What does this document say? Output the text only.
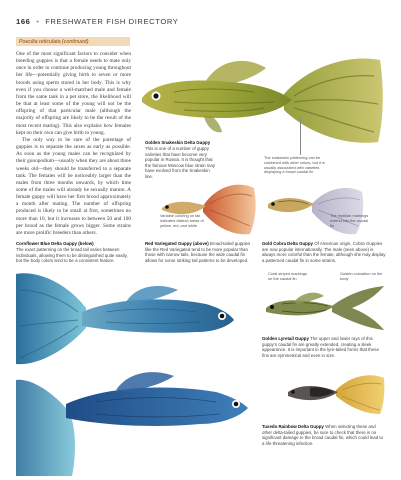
166 • FRESHWATER FISH DIRECTORY
Poecilia reticulata (continued)

One of the most significant factors to consider when breeding guppies is that a female needs to mate only once in order to continue producing young throughout her life—potentially giving birth to seven or more broods using sperm stored in her body. This is why even if you choose a well-matched male and female from the same tank in a pet store, the likelihood will be that at least some of the young will not be the offspring of that particular male (although the majority of offspring are likely to be the result of the most recent mating). This also explains how females kept on their own can give birth to young.

The only way to be sure of the parentage of guppies is to separate the sexes as early as possible. As soon as the young males can be recognized by their gonopodium—usually when they are about three weeks old—they should be transferred to a separate tank. The females will be noticeably larger than the males from three months onwards, by which time some of the males will already be sexually mature. A female guppy will have her first brood approximately a month after mating. The number of offspring produced is likely to be small at first, sometimes no more than 10, but it increases to between 50 and 100 per brood as the female grows bigger. Some strains are more prolific breeders than others.

Golden Snakeskin Delta Guppy
This is one of a number of guppy varieties that have become very popular in Russia. It is thought that the famous Moscow blue strain may have evolved from the Snakeskin line.
The snakeskin patterning can be combined with other colors, but it is usually associated with varieties displaying a broad caudal fin
Variable coloring on tail indicates distinct areas of yellow, red, and white
The reptilian markings extend into the caudal fin
Red Variegated Guppy (above) Broad-tailed guppies like the Red Variegated tend to be more popular than those with narrow tails, because the wide caudal fin allows for some striking tail patterns to be developed.
Gold Cobra Delta Guppy Of American origin, Cobra Guppies are now popular internationally. The male (seen above) is always more colorful than the female, although she may display a patterned caudal fin in some strains.
Cornflower Blue Delta Guppy (below)
The exact patterning on the broad tail varies between individuals, allowing them to be distinguished quite easily, but the body colors tend to be a consistent feature.
Coral striped markings on the caudal fin
Golden coloration on the body
Golden Lyretail Guppy The upper and lower rays of this guppy's caudal fin are greatly extended, creating a sleek appearance. It is important in the lyre-tailed forms that these fins are symmetrical and even in size.
Tuxedo Rainbow Delta Guppy When selecting these and other delta-tailed guppies, be sure to check that there is no significant damage to the broad caudal fin, which could lead to a life-threatening infection.
